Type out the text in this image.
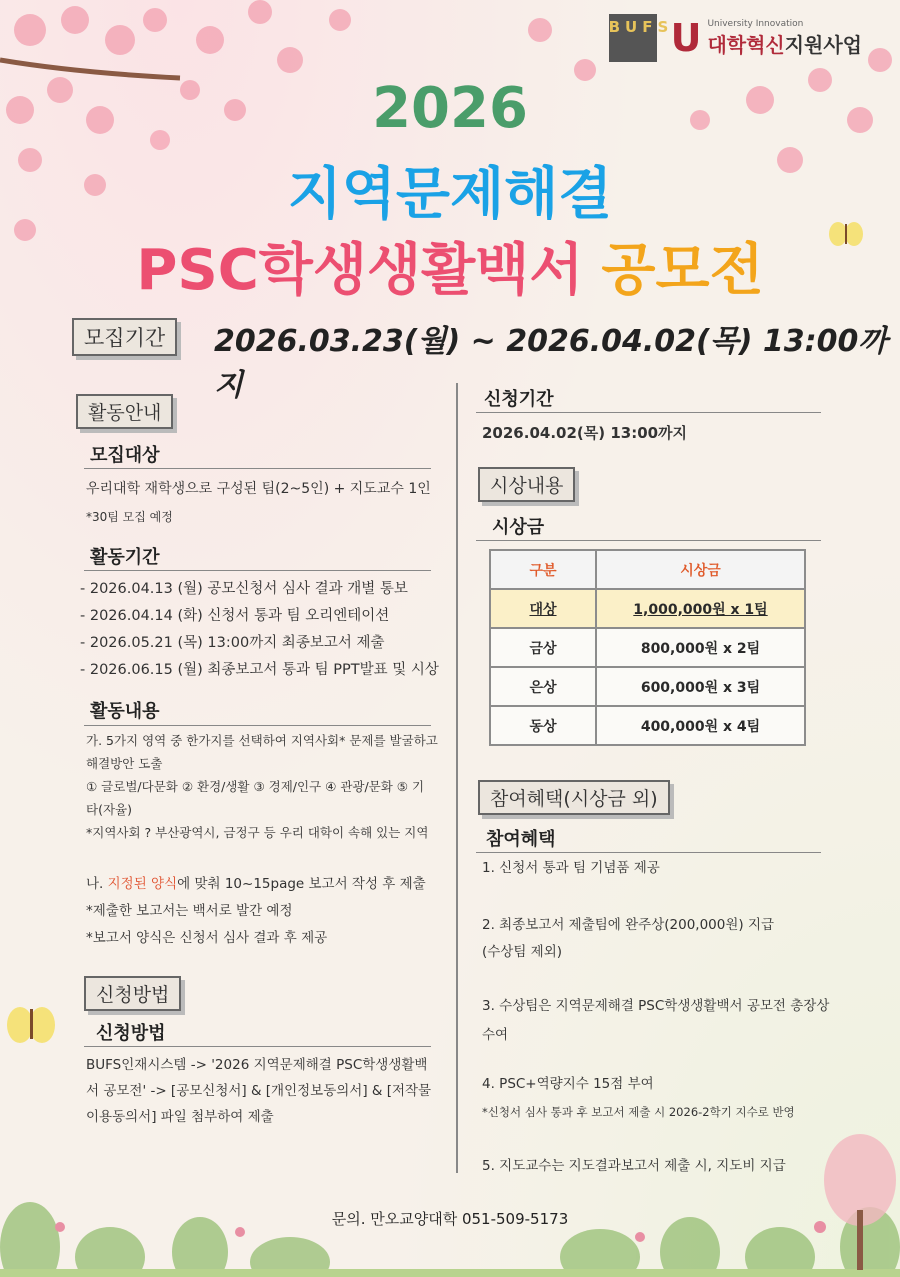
BUFS
U University Innovation
대학혁신지원사업
2026
지역문제해결
PSC학생생활백서 공모전
모집기간	2026.03.23(월) ~ 2026.04.02(목) 13:00까지
활동안내
모집대상
우리대학 재학생으로 구성된 팀(2~5인) + 지도교수 1인
*30팀 모집 예정
활동기간
- 2026.04.13 (월) 공모신청서 심사 결과 개별 통보
- 2026.04.14 (화) 신청서 통과 팀 오리엔테이션
- 2026.05.21 (목) 13:00까지 최종보고서 제출
- 2026.06.15 (월) 최종보고서 통과 팀 PPT발표 및 시상
활동내용
가. 5가지 영역 중 한가지를 선택하여 지역사회* 문제를 발굴하고
해결방안 도출
① 글로벌/다문화 ② 환경/생활 ③ 경제/인구 ④ 관광/문화 ⑤ 기
타(자율)
*지역사회 ? 부산광역시, 금정구 등 우리 대학이 속해 있는 지역
나. 지정된 양식에 맞춰 10~15page 보고서 작성 후 제출
*제출한 보고서는 백서로 발간 예정
*보고서 양식은 신청서 심사 결과 후 제공
신청방법
신청방법
BUFS인재시스템 -> '2026 지역문제해결 PSC학생생활백
서 공모전' -> [공모신청서] & [개인정보동의서] & [저작물
이용동의서] 파일 첨부하여 제출
신청기간
2026.04.02(목) 13:00까지
시상내용
시상금
구분	시상금
대상	1,000,000원 x 1팀
금상	800,000원 x 2팀
은상	600,000원 x 3팀
동상	400,000원 x 4팀
참여혜택(시상금 외)
참여혜택
1. 신청서 통과 팀 기념품 제공
2. 최종보고서 제출팀에 완주상(200,000원) 지급
(수상팀 제외)
3. 수상팀은 지역문제해결 PSC학생생활백서 공모전 총장상
수여
4. PSC+역량지수 15점 부여
*신청서 심사 통과 후 보고서 제출 시 2026-2학기 지수로 반영
5. 지도교수는 지도결과보고서 제출 시, 지도비 지급
문의. 만오교양대학 051-509-5173
